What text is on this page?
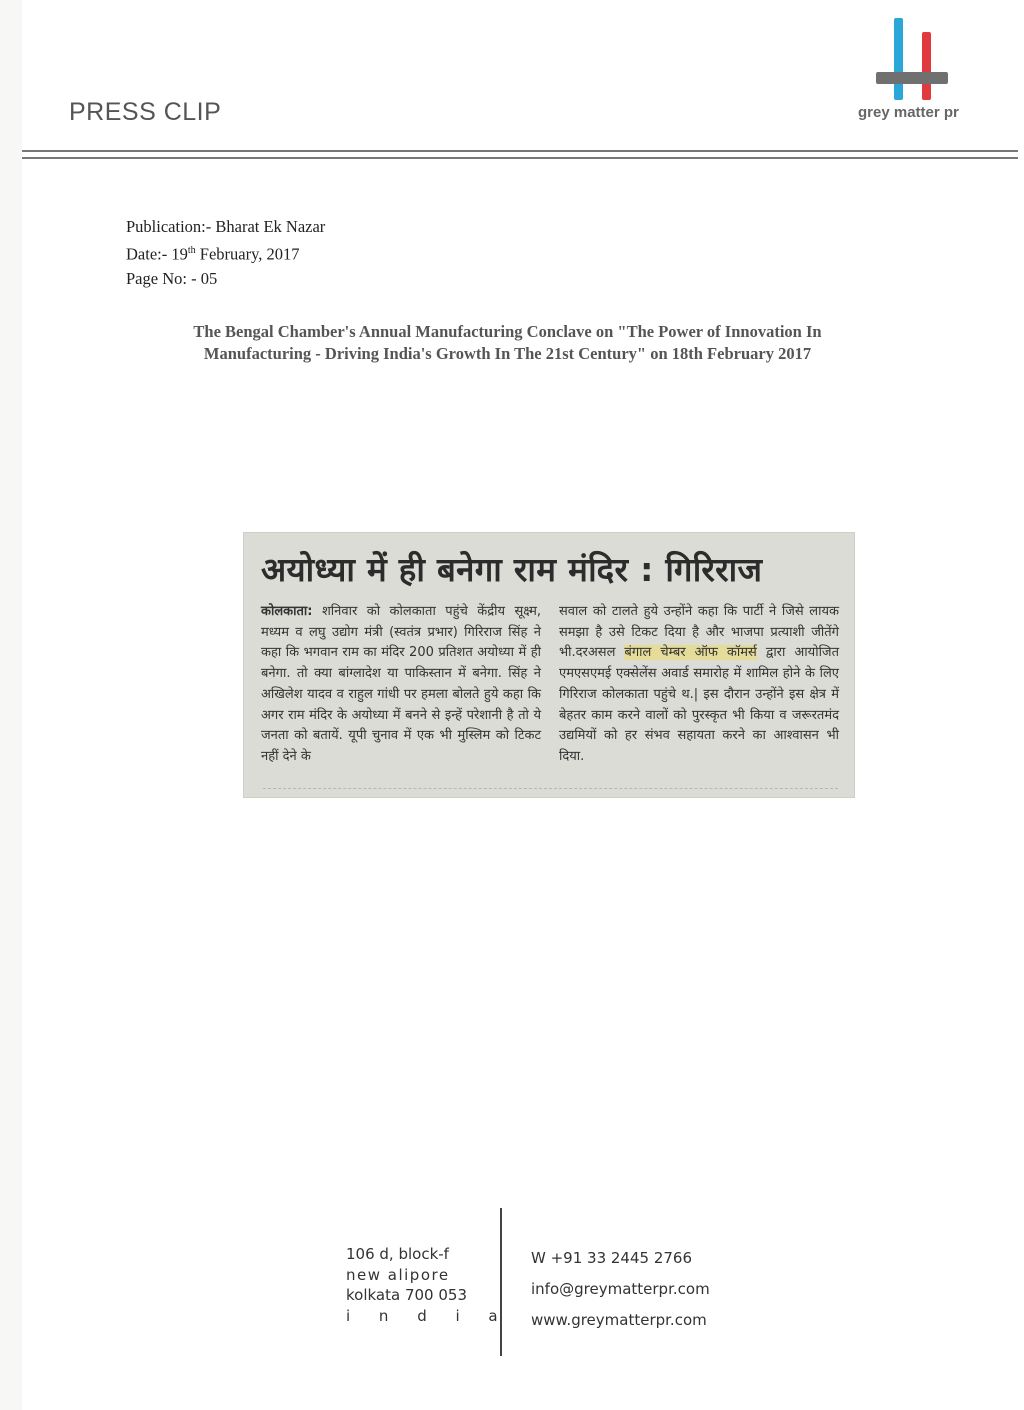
PRESS CLIP	grey matter pr
Publication:- Bharat Ek Nazar
Date:- 19th February, 2017
Page No: - 05
The Bengal Chamber's Annual Manufacturing Conclave on "The Power of Innovation In
Manufacturing - Driving India's Growth In The 21st Century" on 18th February 2017
अयोध्या में ही बनेगा राम मंदिर : गिरिराज
कोलकाता: शनिवार को कोलकाता पहुंचे केंद्रीय सूक्ष्म, मध्यम व लघु उद्योग मंत्री (स्वतंत्र प्रभार) गिरिराज सिंह ने कहा कि भगवान राम का मंदिर 200 प्रतिशत अयोध्या में ही बनेगा. तो क्या बांग्लादेश या पाकिस्तान में बनेगा. सिंह ने अखिलेश यादव व राहुल गांधी पर हमला बोलते हुये कहा कि अगर राम मंदिर के अयोध्या में बनने से इन्हें परेशानी है तो ये जनता को बतायें. यूपी चुनाव में एक भी मुस्लिम को टिकट नहीं देने के
सवाल को टालते हुये उन्होंने कहा कि पार्टी ने जिसे लायक समझा है उसे टिकट दिया है और भाजपा प्रत्याशी जीतेंगे भी.दरअसल बंगाल चेम्बर ऑफ कॉमर्स द्वारा आयोजित एमएसएमई एक्सेलेंस अवार्ड समारोह में शामिल होने के लिए गिरिराज कोलकाता पहुंचे थ.| इस दौरान उन्होंने इस क्षेत्र में बेहतर काम करने वालों को पुरस्कृत भी किया व जरूरतमंद उद्यमियों को हर संभव सहायता करने का आश्वासन भी दिया.
106 d, block-f
new alipore
kolkata 700 053
i n d i a
W +91 33 2445 2766
info@greymatterpr.com
www.greymatterpr.com
